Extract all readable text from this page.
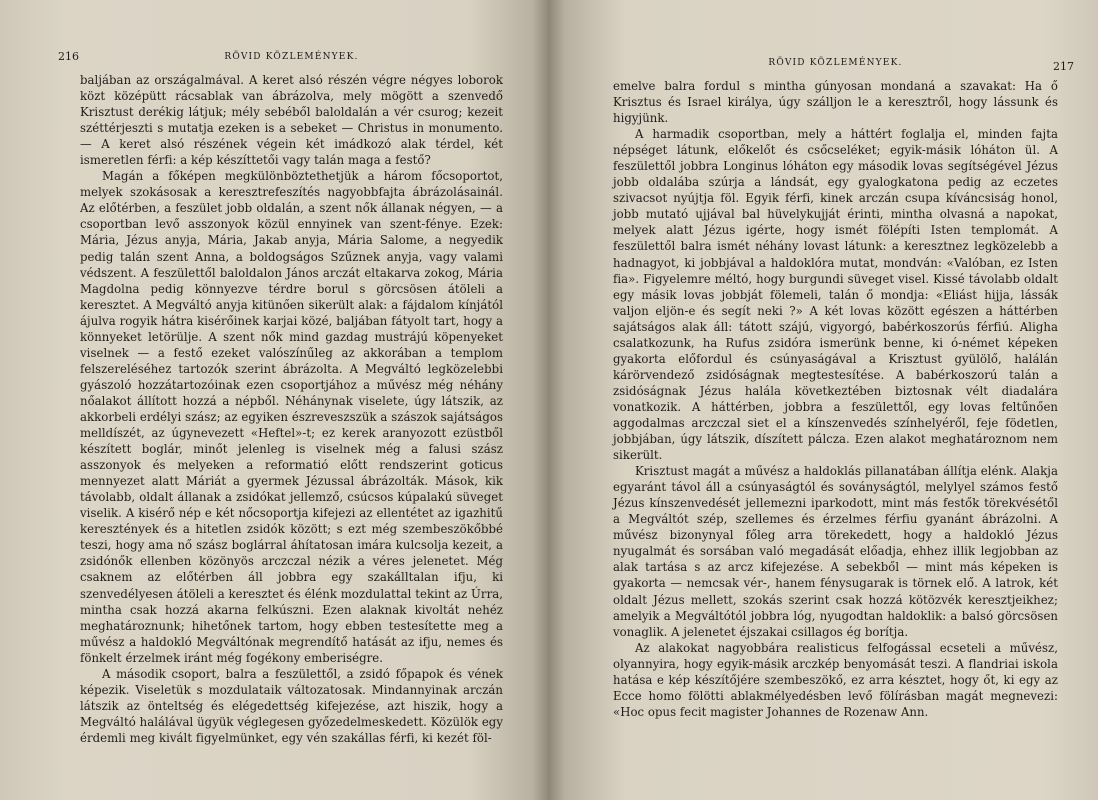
216	RÖVID KÖZLEMÉNYEK.

baljában az országalmával. A keret alsó részén végre négyes loborok közt középütt rácsablak van ábrázolva, mely mögött a szenvedő Krisztust derékig látjuk; mély sebéből baloldalán a vér csurog; kezeit széttérjeszti s mutatja ezeken is a sebeket — Christus in monumento. — A keret alsó részének végein két imádkozó alak térdel, két ismeretlen férfi: a kép készíttetői vagy talán maga a festő?

Magán a főképen megkülönböztethetjük a három főcsoportot, melyek szokásosak a keresztrefeszítés nagyobbfajta ábrázolásainál. Az előtérben, a feszület jobb oldalán, a szent nők állanak négyen, — a csoportban levő asszonyok közül ennyinek van szent-fénye. Ezek: Mária, Jézus anyja, Mária, Jakab anyja, Mária Salome, a negyedik pedig talán szent Anna, a boldogságos Szűznek anyja, vagy valami védszent. A feszülettől baloldalon János arczát eltakarva zokog, Mária Magdolna pedig könnyezve térdre borul s görcsösen átöleli a keresztet. A Megváltó anyja kitünően sikerült alak: a fájdalom kínjától ájulva rogyik hátra kisérőinek karjai közé, baljában fátyolt tart, hogy a könnyeket letörülje. A szent nők mind gazdag mustrájú köpenyeket viselnek — a festő ezeket valószínűleg az akkorában a templom felszereléséhez tartozók szerint ábrázolta. A Megváltó legközelebbi gyászoló hozzátartozóinak ezen csoportjához a művész még néhány nőalakot állított hozzá a népből. Néhánynak viselete, úgy látszik, az akkorbeli erdélyi szász; az egyiken észreveszszük a szászok sajátságos melldíszét, az úgynevezett «Heftel»-t; ez kerek aranyozott ezüstből készített boglár, minőt jelenleg is viselnek még a falusi szász asszonyok és melyeken a reformatió előtt rendszerint goticus mennyezet alatt Máriát a gyermek Jézussal ábrázolták. Mások, kik távolabb, oldalt állanak a zsidókat jellemző, csúcsos kúpalakú süveget viselik. A kisérő nép e két nőcsoportja kifejezi az ellentétet az igazhitű keresztények és a hitetlen zsidók között; s ezt még szembeszökőbbé teszi, hogy ama nő szász boglárral áhítatosan imára kulcsolja kezeit, a zsidónők ellenben közönyös arczczal nézik a véres jelenetet. Még csaknem az előtérben áll jobbra egy szakálltalan ifju, ki szenvedélyesen átöleli a keresztet és élénk mozdulattal tekint az Úrra, mintha csak hozzá akarna felkúszni. Ezen alaknak kivoltát nehéz meghatároznunk; hihetőnek tartom, hogy ebben testesítette meg a művész a haldokló Megváltónak megrendítő hatását az ifju, nemes és fönkelt érzelmek iránt még fogékony emberiségre.

A második csoport, balra a feszülettől, a zsidó főpapok és vének képezik. Viseletük s mozdulataik változatosak. Mindannyinak arczán látszik az önteltség és elégedettség kifejezése, azt hiszik, hogy a Megváltó halálával ügyük véglegesen győzedelmeskedett. Közülök egy érdemli meg kivált figyelmünket, egy vén szakállas férfi, ki kezét föl-

RÖVID KÖZLEMÉNYEK.	217

emelve balra fordul s mintha gúnyosan mondaná a szavakat: Ha ő Krisztus és Israel királya, úgy szálljon le a keresztről, hogy lássunk és higyjünk.

A harmadik csoportban, mely a háttért foglalja el, minden fajta népséget látunk, előkelőt és csőcseléket; egyik-másik lóháton ül. A feszülettől jobbra Longinus lóháton egy második lovas segítségével Jézus jobb oldalába szúrja a lándsát, egy gyalogkatona pedig az eczetes szivacsot nyújtja föl. Egyik férfi, kinek arczán csupa kíváncsiság honol, jobb mutató ujjával bal hüvelykujját érinti, mintha olvasná a napokat, melyek alatt Jézus igérte, hogy ismét fölépíti Isten templomát. A feszülettől balra ismét néhány lovast látunk: a keresztnez legközelebb a hadnagyot, ki jobbjával a haldoklóra mutat, mondván: «Valóban, ez Isten fia». Figyelemre méltó, hogy burgundi süveget visel. Kissé távolabb oldalt egy másik lovas jobbját fölemeli, talán ő mondja: «Eliást hijja, lássák valjon eljön-e és segít neki ?» A két lovas között egészen a háttérben sajátságos alak áll: tátott szájú, vigyorgó, babérkoszorús férfiú. Aligha csalatkozunk, ha Rufus zsidóra ismerünk benne, ki ó-német képeken gyakorta előfordul és csúnyaságával a Krisztust gyülölő, halálán kárörvendező zsidóságnak megtestesítése. A babérkoszorú talán a zsidóságnak Jézus halála következtében biztosnak vélt diadalára vonatkozik. A háttérben, jobbra a feszülettől, egy lovas feltűnően aggodalmas arczczal siet el a kínszenvedés színhelyéről, feje födetlen, jobbjában, úgy látszik, díszített pálcza. Ezen alakot meghatároznom nem sikerült.

Krisztust magát a művész a haldoklás pillanatában állítja elénk. Alakja egyaránt távol áll a csúnyaságtól és soványságtól, melylyel számos festő Jézus kínszenvedését jellemezni iparkodott, mint más festők törekvésétől a Megváltót szép, szellemes és érzelmes férfiu gyanánt ábrázolni. A művész bizonynyal főleg arra törekedett, hogy a haldokló Jézus nyugalmát és sorsában való megadását előadja, ehhez illik legjobban az alak tartása s az arcz kifejezése. A sebekből — mint más képeken is gyakorta — nemcsak vér-, hanem fénysugarak is törnek elő. A latrok, két oldalt Jézus mellett, szokás szerint csak hozzá kötözvék keresztjeikhez; amelyik a Megváltótól jobbra lóg, nyugodtan haldoklik: a balsó görcsösen vonaglik. A jelenetet éjszakai csillagos ég borítja.

Az alakokat nagyobbára realisticus felfogással ecseteli a művész, olyannyira, hogy egyik-másik arczkép benyomását teszi. A flandriai iskola hatása e kép készítőjére szembeszökő, ez arra késztet, hogy őt, ki egy az Ecce homo fölötti ablakmélyedésben levő fölírásban magát megnevezi: «Hoc opus fecit magister Johannes de Rozenaw Ann.
